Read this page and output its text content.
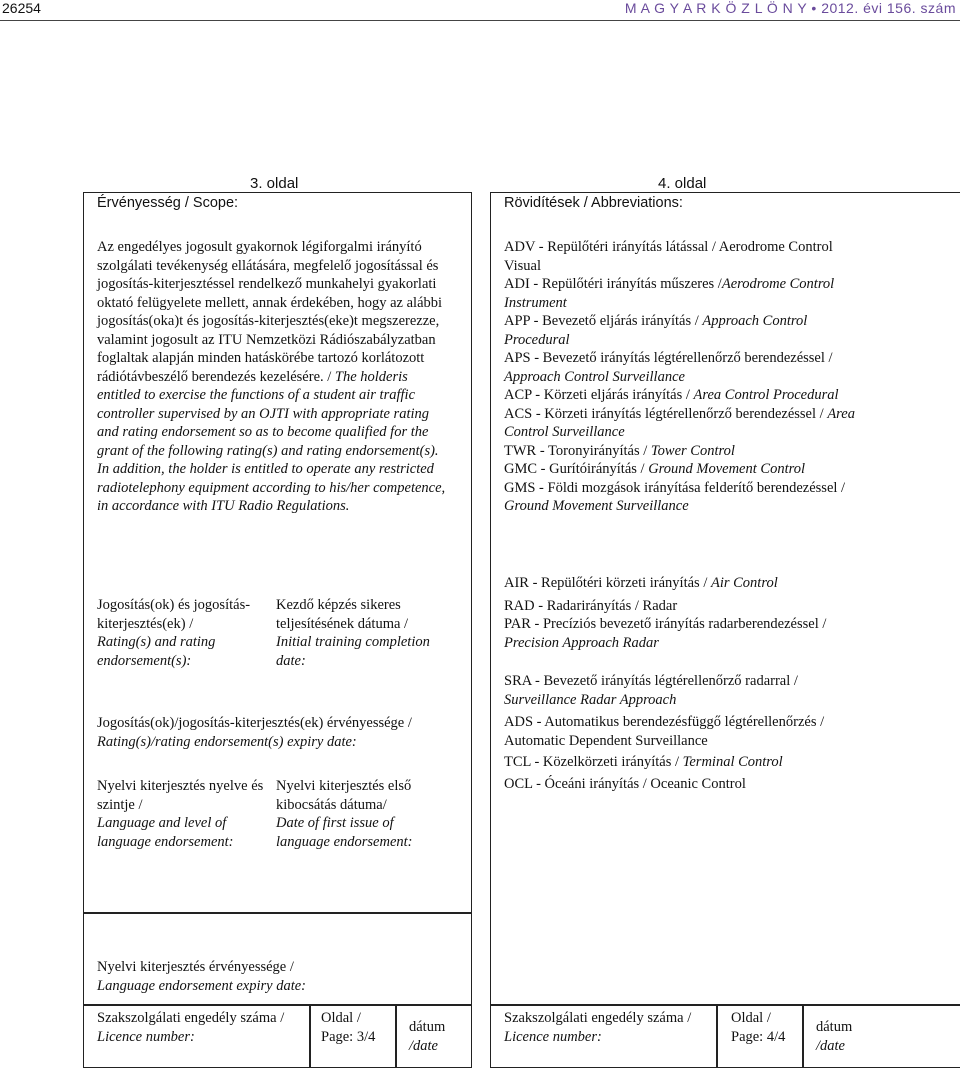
26254	M A G Y A R K Ö Z L Ö N Y • 2012. évi 156. szám
3. oldal
Érvényesség / Scope:
Az engedélyes jogosult gyakornok légiforgalmi irányító szolgálati tevékenység ellátására, megfelelő jogosítással és jogosítás-kiterjesztéssel rendelkező munkahelyi gyakorlati oktató felügyelete mellett, annak érdekében, hogy az alábbi jogosítás(oka)t és jogosítás-kiterjesztés(eke)t megszerezze, valamint jogosult az ITU Nemzetközi Rádiószabályzatban foglaltak alapján minden hatáskörébe tartozó korlátozott rádiótávbeszélő berendezés kezelésére. / The holderis entitled to exercise the functions of a student air traffic controller supervised by an OJTI with appropriate rating and rating endorsement so as to become qualified for the grant of the following rating(s) and rating endorsement(s). In addition, the holder is entitled to operate any restricted radiotelephony equipment according to his/her competence, in accordance with ITU Radio Regulations.

Jogosítás(ok) és jogosítás-kiterjesztés(ek) /

Rating(s) and rating endorsement(s):

Kezdő képzés sikeres teljesítésének dátuma /

Initial training completion date:

Jogosítás(ok)/jogosítás-kiterjesztés(ek) érvényessége /

Rating(s)/rating endorsement(s) expiry date:

Nyelvi kiterjesztés nyelve és szintje /

Language and level of language endorsement:

Nyelvi kiterjesztés első kibocsátás dátuma/

Date of first issue of language endorsement:

Nyelvi kiterjesztés érvényessége /

Language endorsement expiry date:

Szakszolgálati engedély száma /

Licence number:

Oldal /

Page: 3/4

dátum

/date

4. oldal
Rövidítések / Abbreviations:

ADV - Repülőtéri irányítás látással / Aerodrome Control Visual

ADI - Repülőtéri irányítás műszeres /Aerodrome Control Instrument

APP - Bevezető eljárás irányítás / Approach Control Procedural

APS - Bevezető irányítás légtérellenőrző berendezéssel / Approach Control Surveillance

ACP - Körzeti eljárás irányítás / Area Control Procedural

ACS - Körzeti irányítás légtérellenőrző berendezéssel / Area Control Surveillance

TWR - Toronyirányítás / Tower Control

GMC - Gurítóirányítás / Ground Movement Control

GMS - Földi mozgások irányítása felderítő berendezéssel / Ground Movement Surveillance

AIR - Repülőtéri körzeti irányítás / Air Control

RAD - Radarirányítás / Radar

PAR - Precíziós bevezető irányítás radarberendezéssel / Precision Approach Radar

SRA - Bevezető irányítás légtérellenőrző radarral / Surveillance Radar Approach

ADS - Automatikus berendezésfüggő légtérellenőrzés / Automatic Dependent Surveillance

TCL - Közelkörzeti irányítás / Terminal Control

OCL - Óceáni irányítás / Oceanic Control

Szakszolgálati engedély száma /

Licence number:

Oldal /

Page: 4/4

dátum

/date
